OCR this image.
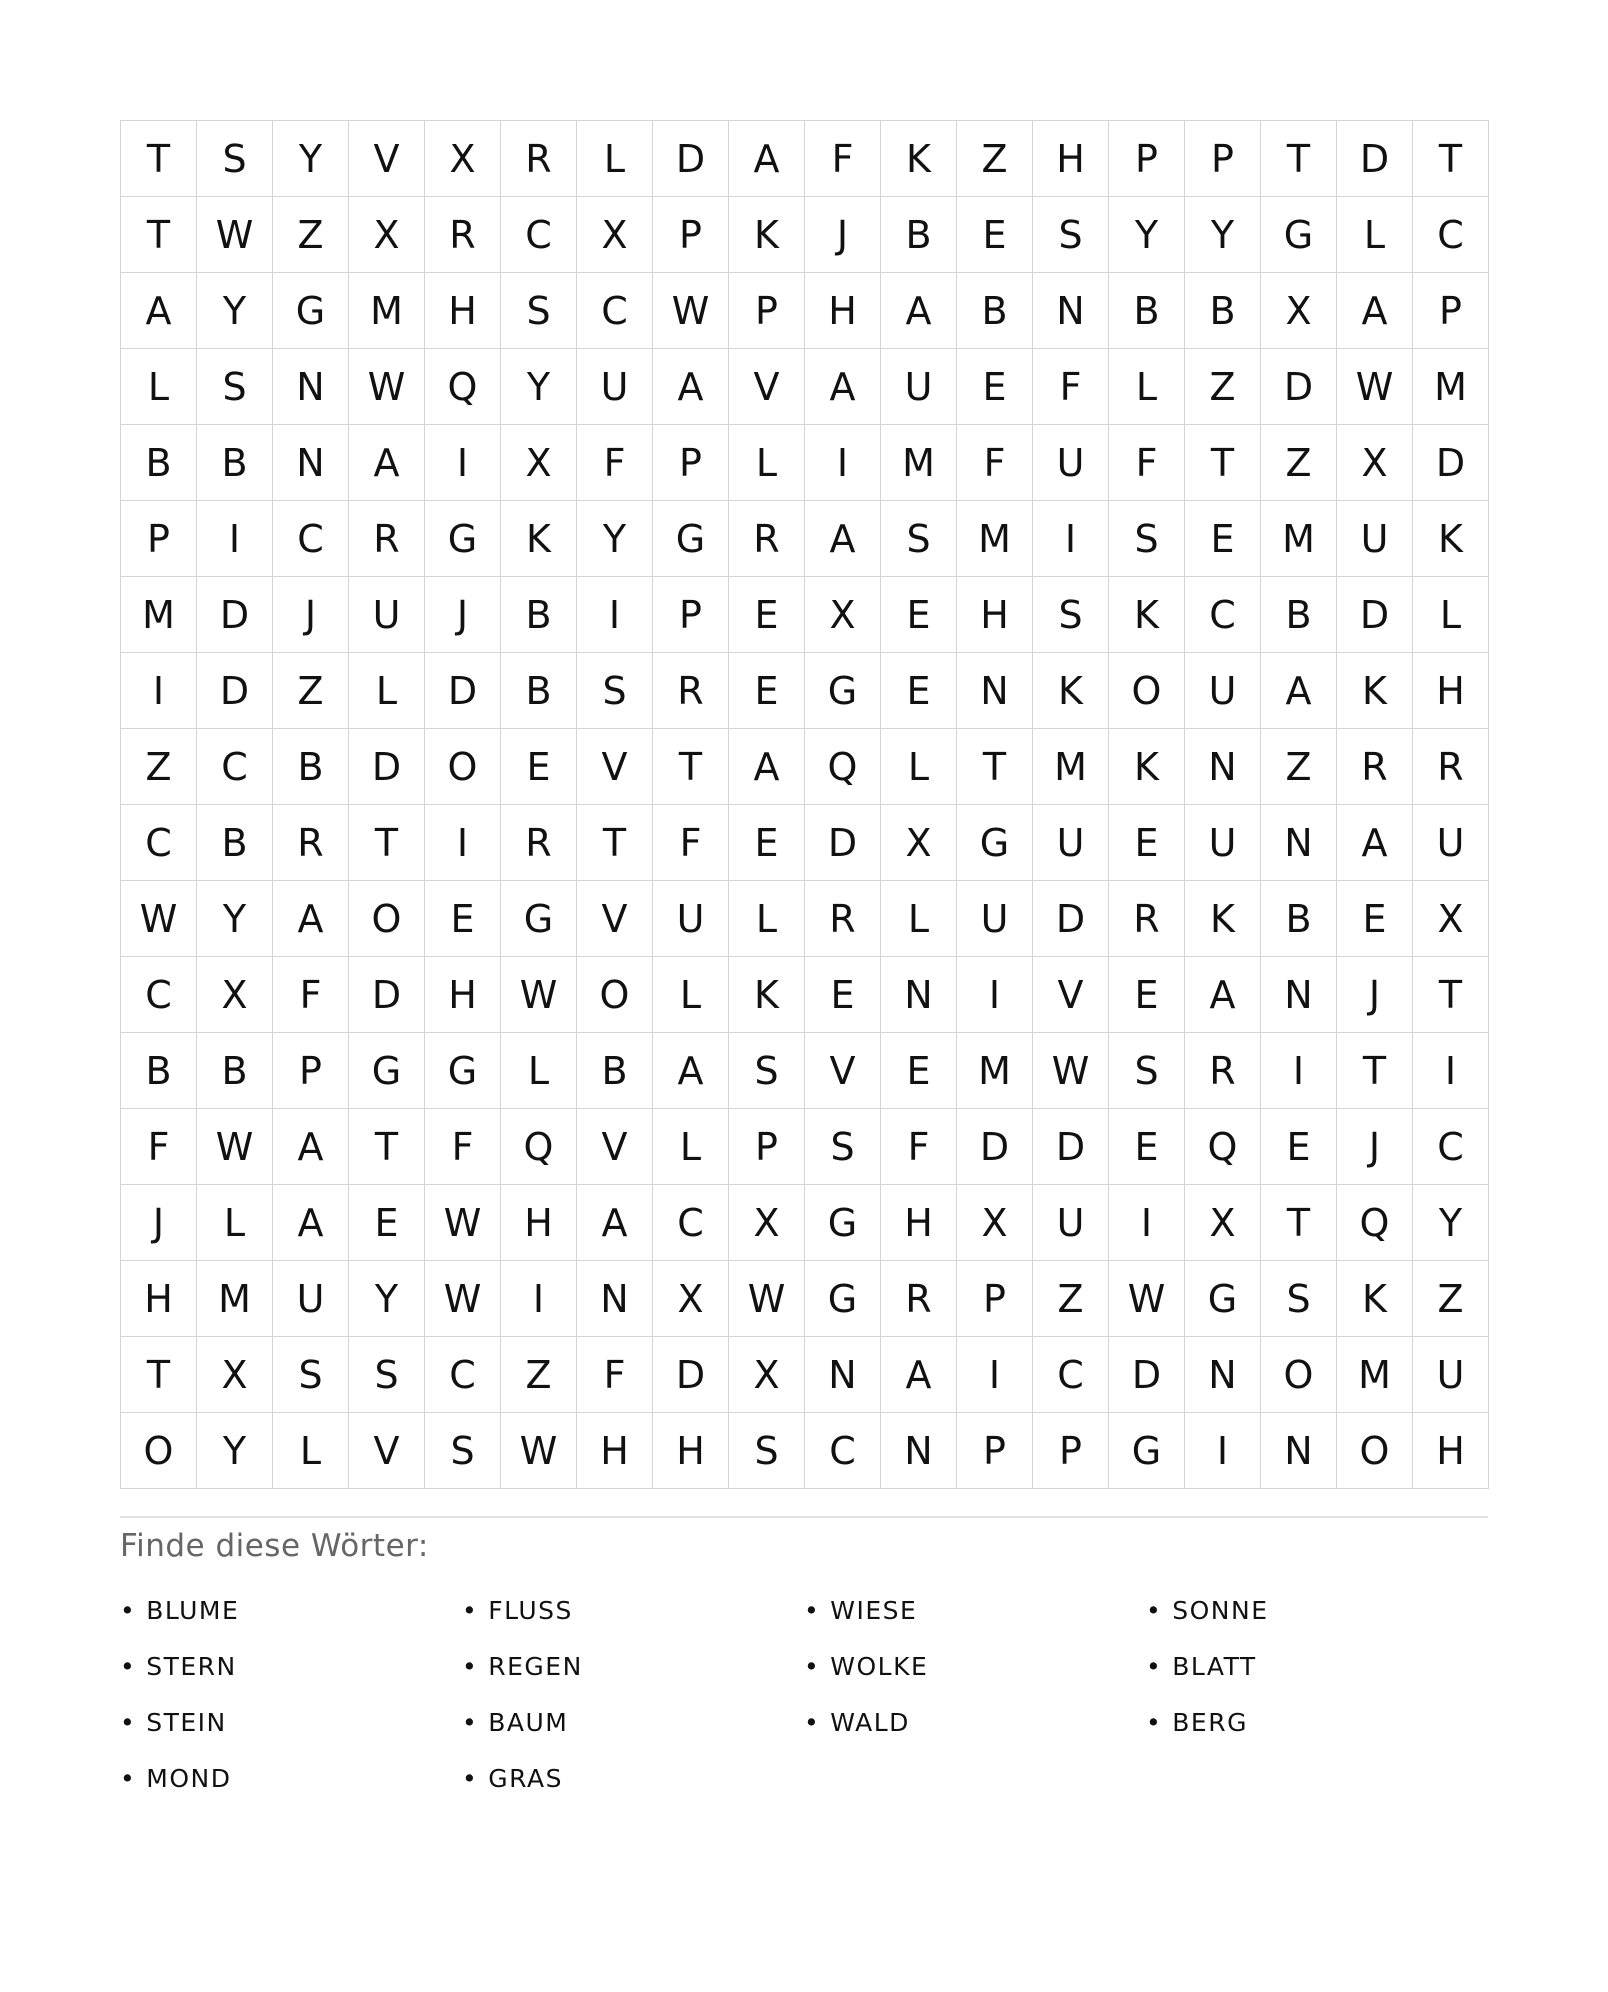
T	S	Y	V	X	R	L	D	A	F	K	Z	H	P	P	T	D	T
T	W	Z	X	R	C	X	P	K	J	B	E	S	Y	Y	G	L	C
A	Y	G	M	H	S	C	W	P	H	A	B	N	B	B	X	A	P
L	S	N	W	Q	Y	U	A	V	A	U	E	F	L	Z	D	W	M
B	B	N	A	I	X	F	P	L	I	M	F	U	F	T	Z	X	D
P	I	C	R	G	K	Y	G	R	A	S	M	I	S	E	M	U	K
M	D	J	U	J	B	I	P	E	X	E	H	S	K	C	B	D	L
I	D	Z	L	D	B	S	R	E	G	E	N	K	O	U	A	K	H
Z	C	B	D	O	E	V	T	A	Q	L	T	M	K	N	Z	R	R
C	B	R	T	I	R	T	F	E	D	X	G	U	E	U	N	A	U
W	Y	A	O	E	G	V	U	L	R	L	U	D	R	K	B	E	X
C	X	F	D	H	W	O	L	K	E	N	I	V	E	A	N	J	T
B	B	P	G	G	L	B	A	S	V	E	M	W	S	R	I	T	I
F	W	A	T	F	Q	V	L	P	S	F	D	D	E	Q	E	J	C
J	L	A	E	W	H	A	C	X	G	H	X	U	I	X	T	Q	Y
H	M	U	Y	W	I	N	X	W	G	R	P	Z	W	G	S	K	Z
T	X	S	S	C	Z	F	D	X	N	A	I	C	D	N	O	M	U
O	Y	L	V	S	W	H	H	S	C	N	P	P	G	I	N	O	H
Finde diese Wörter:
• BLUME	• FLUSS	• WIESE	• SONNE
• STERN	• REGEN	• WOLKE	• BLATT
• STEIN	• BAUM	• WALD	• BERG
• MOND	• GRAS
